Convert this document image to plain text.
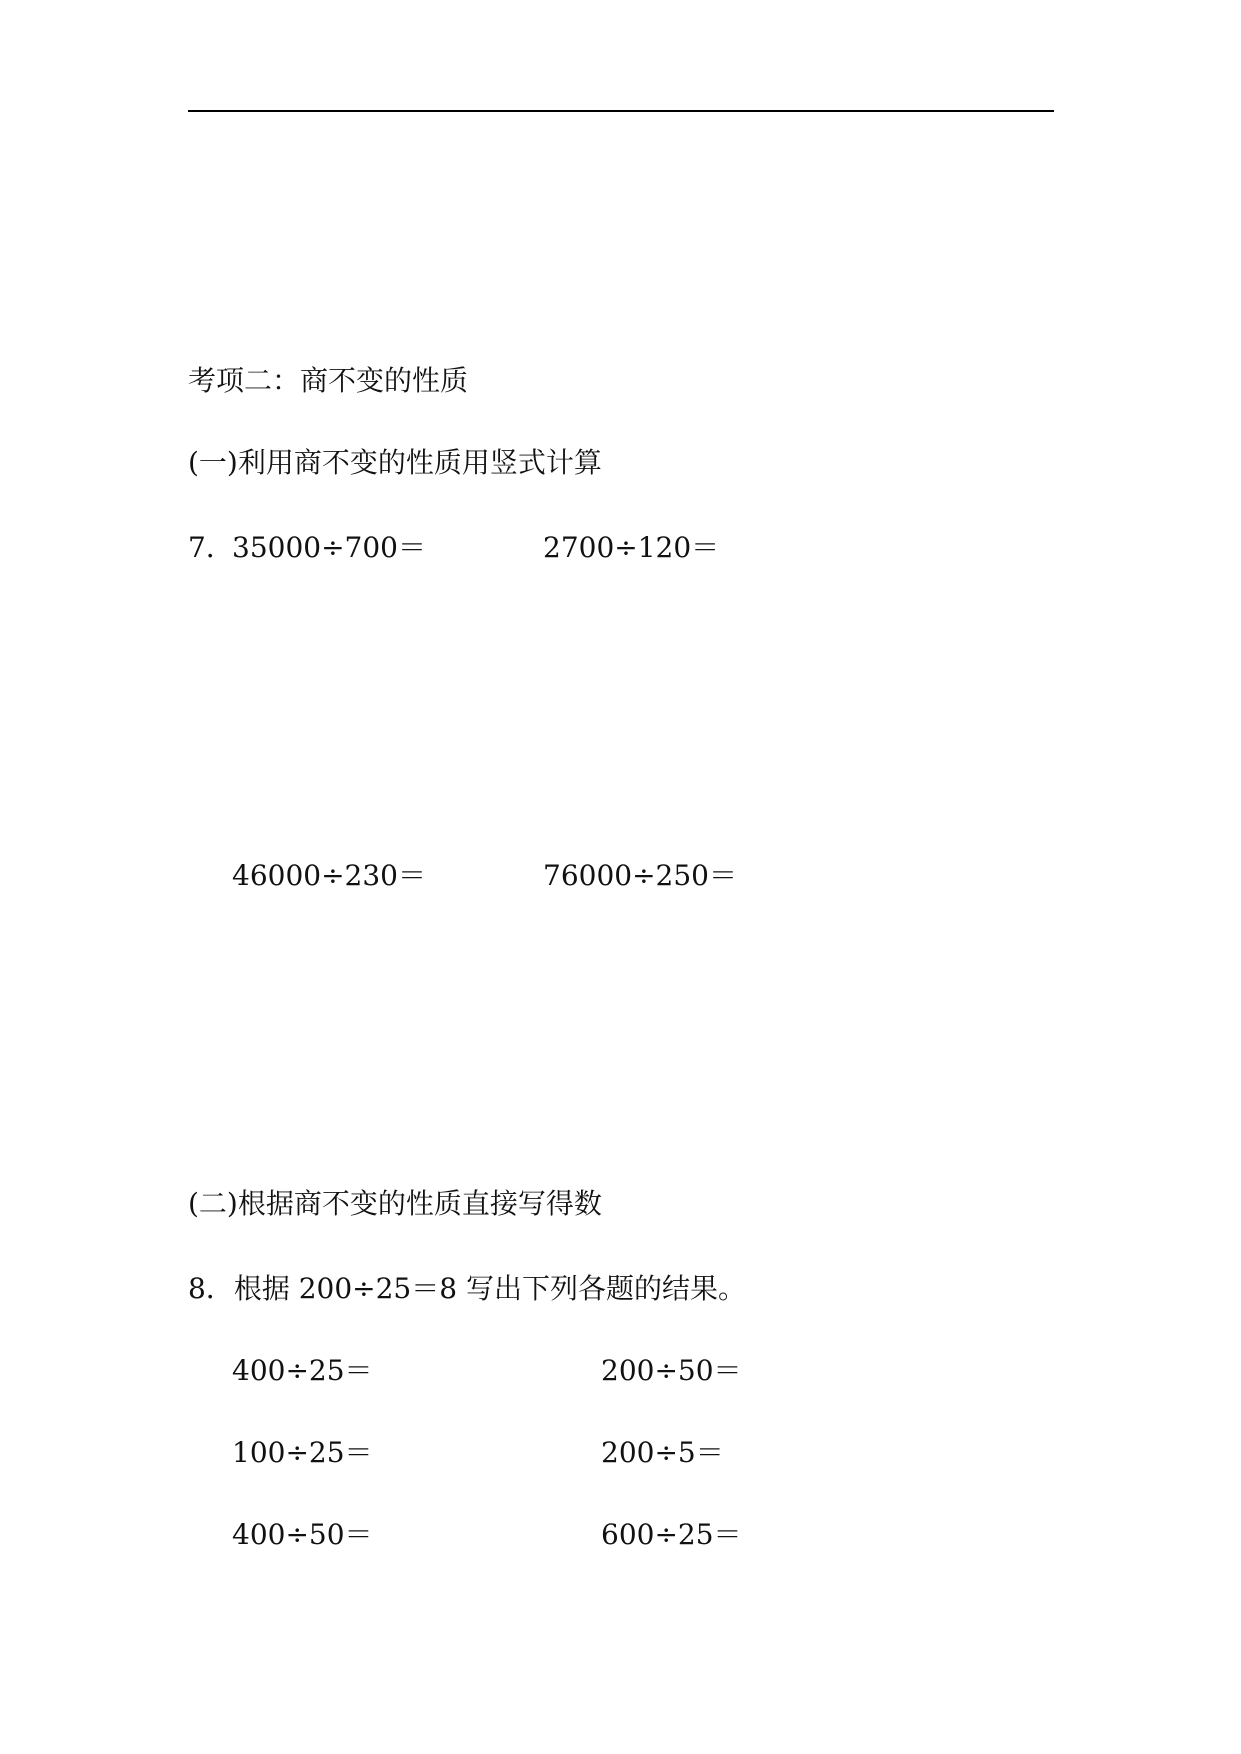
考项二：商不变的性质
(一)利用商不变的性质用竖式计算
7．
35000÷700＝	2700÷120＝
46000÷230＝	76000÷250＝
(二)根据商不变的性质直接写得数
8．根据 200÷25＝8 写出下列各题的结果。
400÷25＝	200÷50＝
100÷25＝	200÷5＝
400÷50＝	600÷25＝
